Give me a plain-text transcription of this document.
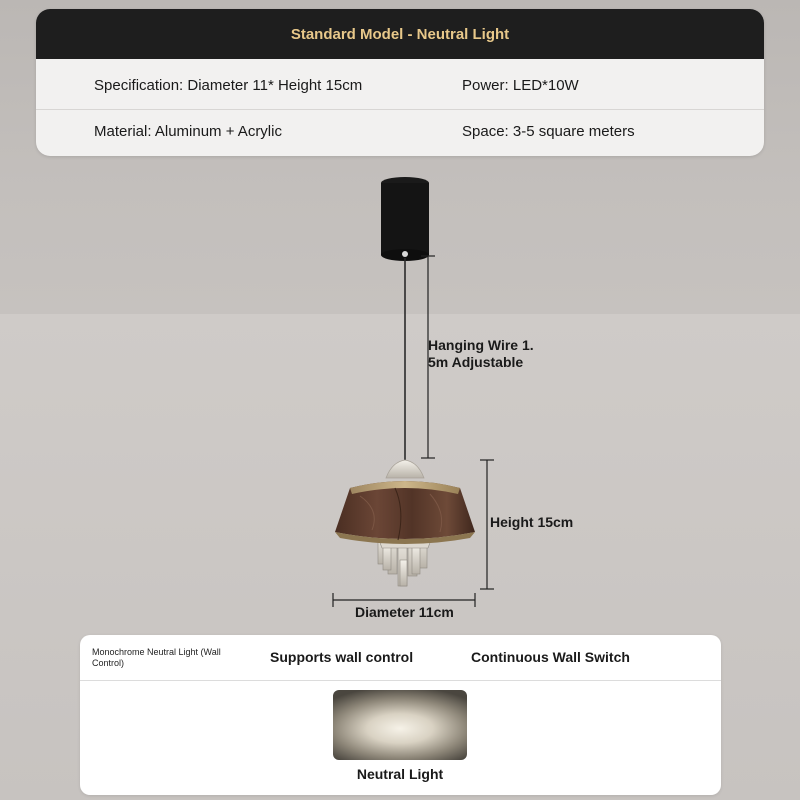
Standard Model - Neutral Light
Specification: Diameter 11* Height 15cm	Power: LED*10W
Material: Aluminum + Acrylic	Space: 3-5 square meters
Hanging Wire 1.
5m Adjustable
Height 15cm
Diameter 11cm
Monochrome Neutral Light (Wall
Control)	Supports wall control	Continuous Wall Switch
Neutral Light
